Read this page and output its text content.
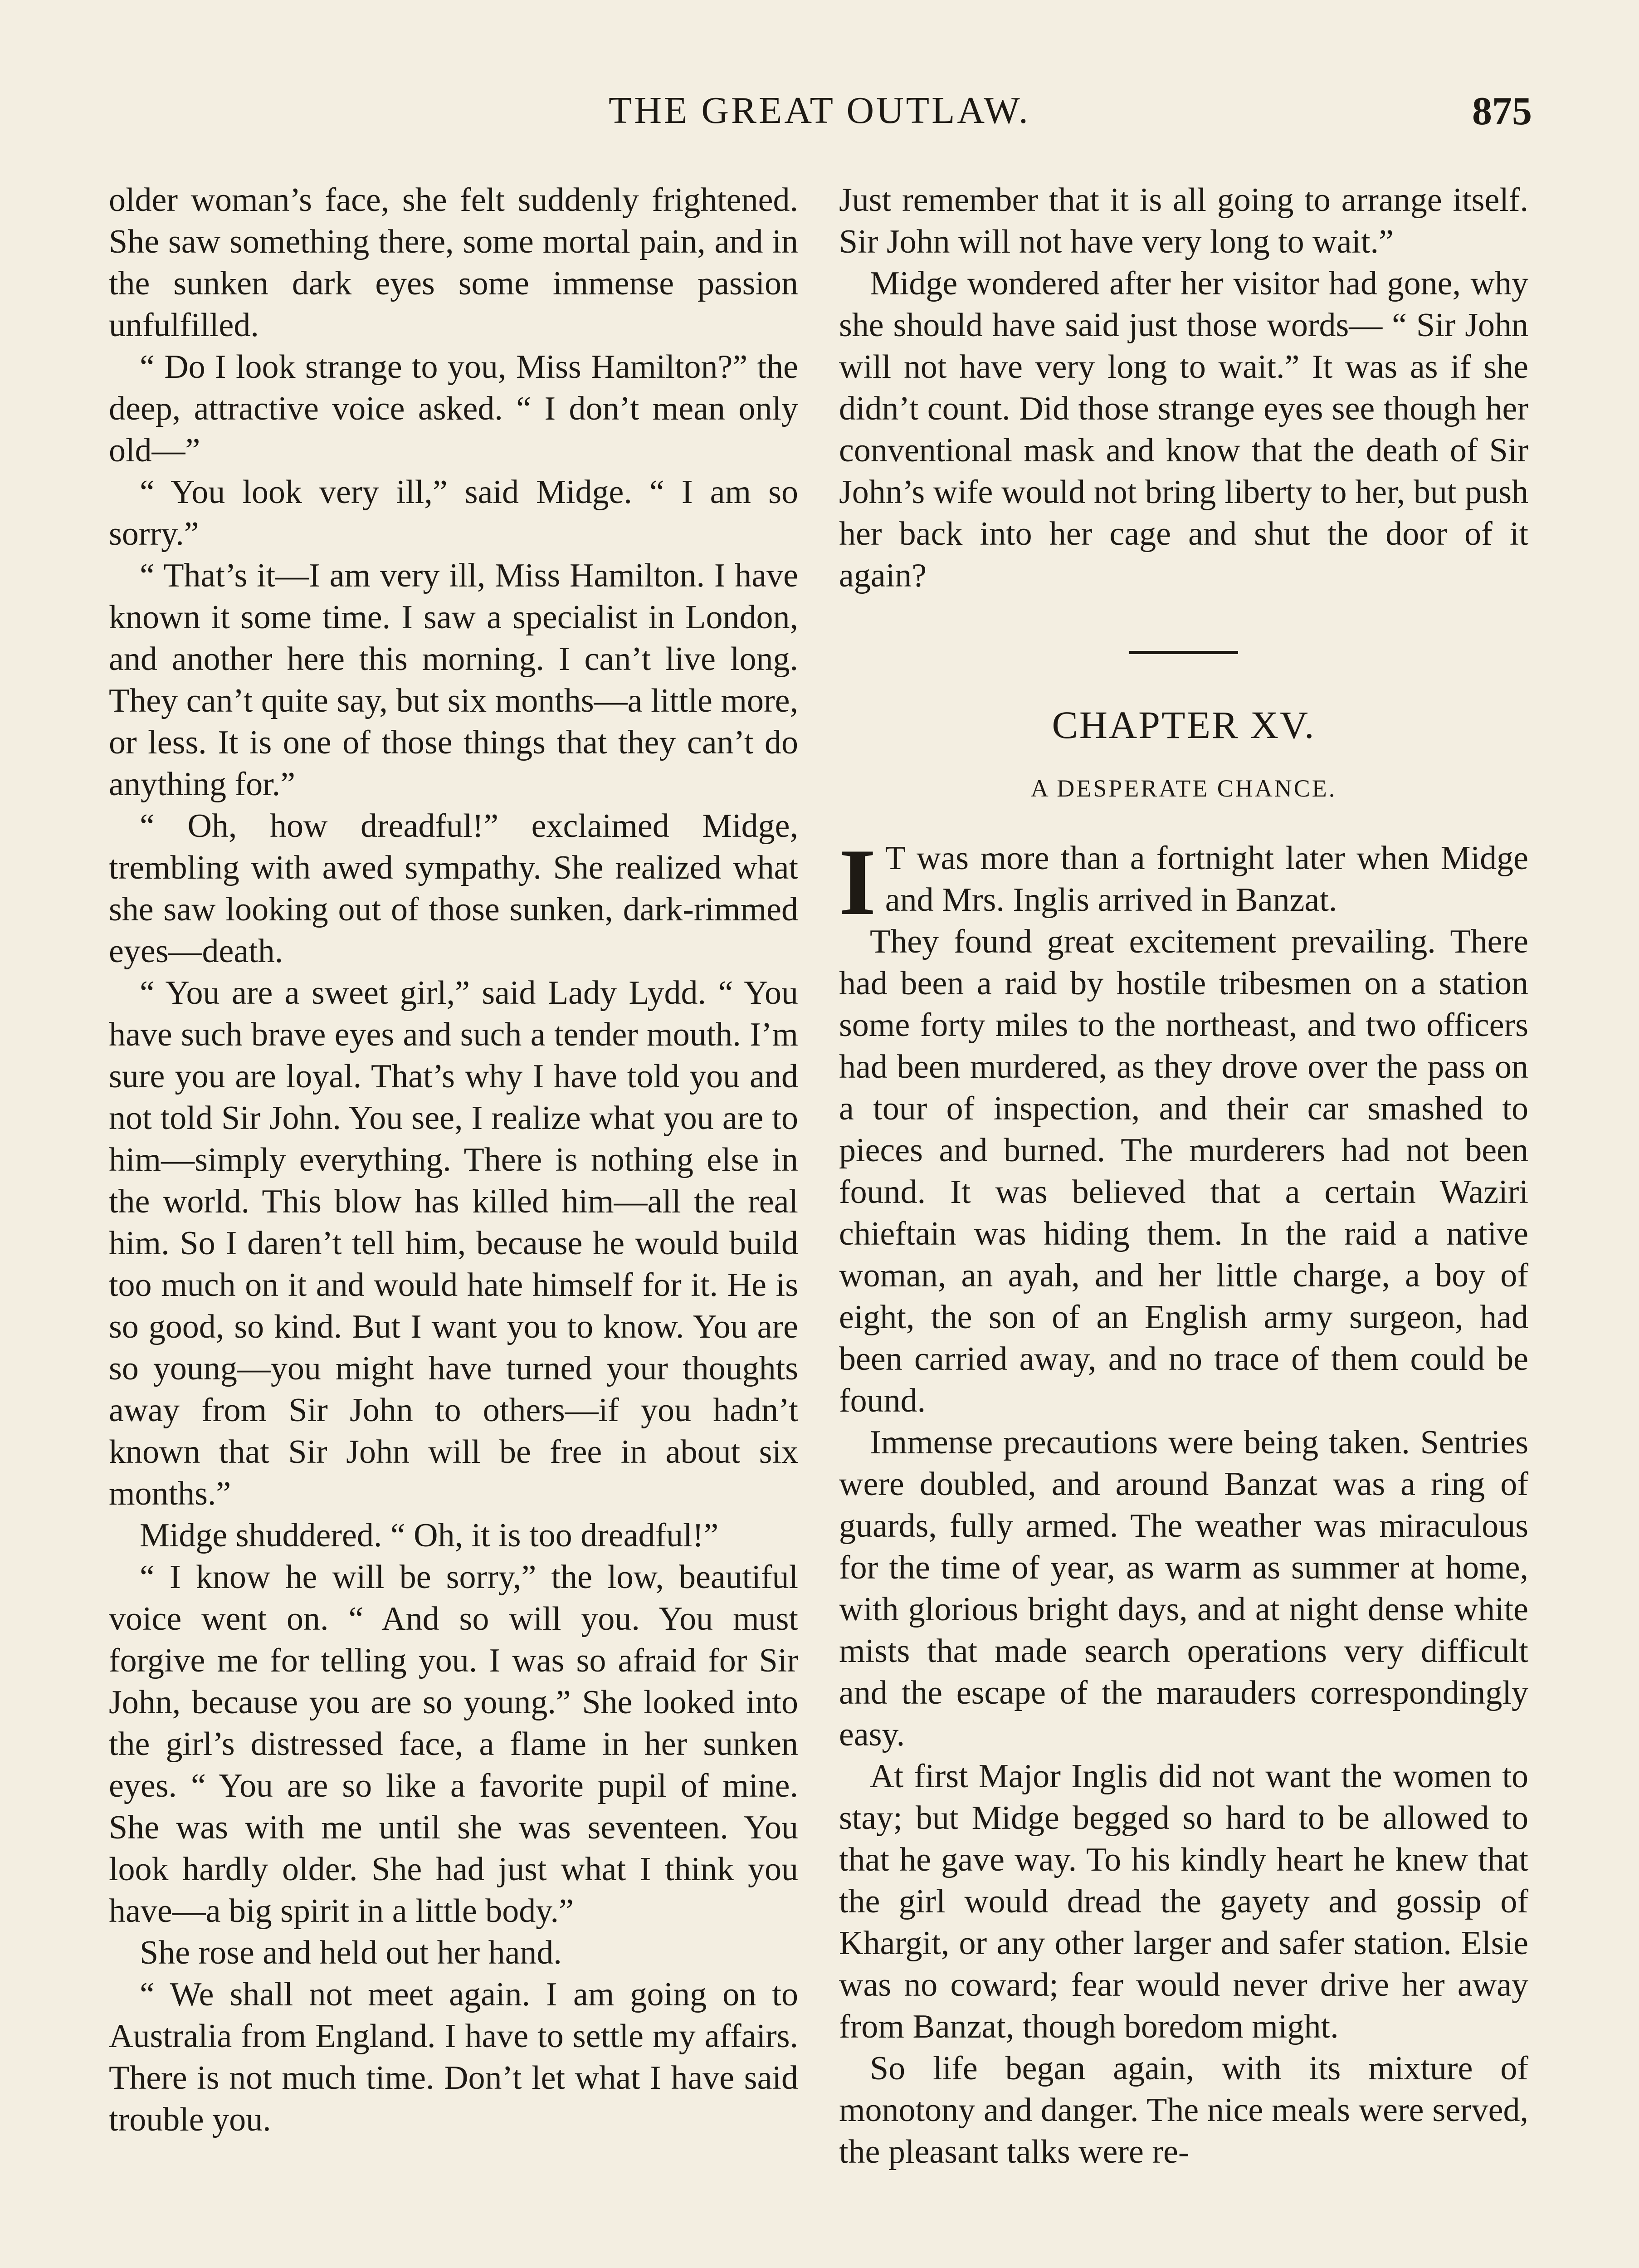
THE GREAT OUTLAW.	875

older woman’s face, she felt suddenly frightened. She saw something there, some mortal pain, and in the sunken dark eyes some immense passion unfulfilled.

“ Do I look strange to you, Miss Hamilton?” the deep, attractive voice asked. “ I don’t mean only old—”

“ You look very ill,” said Midge. “ I am so sorry.”

“ That’s it—I am very ill, Miss Hamilton. I have known it some time. I saw a specialist in London, and another here this morning. I can’t live long. They can’t quite say, but six months—a little more, or less. It is one of those things that they can’t do anything for.”

“ Oh, how dreadful!” exclaimed Midge, trembling with awed sympathy. She realized what she saw looking out of those sunken, dark-rimmed eyes—death.

“ You are a sweet girl,” said Lady Lydd. “ You have such brave eyes and such a tender mouth. I’m sure you are loyal. That’s why I have told you and not told Sir John. You see, I realize what you are to him—simply everything. There is nothing else in the world. This blow has killed him—all the real him. So I daren’t tell him, because he would build too much on it and would hate himself for it. He is so good, so kind. But I want you to know. You are so young—you might have turned your thoughts away from Sir John to others—if you hadn’t known that Sir John will be free in about six months.”

Midge shuddered. “ Oh, it is too dreadful!”

“ I know he will be sorry,” the low, beautiful voice went on. “ And so will you. You must forgive me for telling you. I was so afraid for Sir John, because you are so young.” She looked into the girl’s distressed face, a flame in her sunken eyes. “ You are so like a favorite pupil of mine. She was with me until she was seventeen. You look hardly older. She had just what I think you have—a big spirit in a little body.”

She rose and held out her hand.

“ We shall not meet again. I am going on to Australia from England. I have to settle my affairs. There is not much time. Don’t let what I have said trouble you.

Just remember that it is all going to arrange itself. Sir John will not have very long to wait.”

Midge wondered after her visitor had gone, why she should have said just those words— “ Sir John will not have very long to wait.” It was as if she didn’t count. Did those strange eyes see though her conventional mask and know that the death of Sir John’s wife would not bring liberty to her, but push her back into her cage and shut the door of it again?

CHAPTER XV.
A DESPERATE CHANCE.

I T was more than a fortnight later when Midge and Mrs. Inglis arrived in Banzat.

They found great excitement prevailing. There had been a raid by hostile tribesmen on a station some forty miles to the northeast, and two officers had been murdered, as they drove over the pass on a tour of inspection, and their car smashed to pieces and burned. The murderers had not been found. It was believed that a certain Waziri chieftain was hiding them. In the raid a native woman, an ayah, and her little charge, a boy of eight, the son of an English army surgeon, had been carried away, and no trace of them could be found.

Immense precautions were being taken. Sentries were doubled, and around Banzat was a ring of guards, fully armed. The weather was miraculous for the time of year, as warm as summer at home, with glorious bright days, and at night dense white mists that made search operations very difficult and the escape of the marauders correspondingly easy.

At first Major Inglis did not want the women to stay; but Midge begged so hard to be allowed to that he gave way. To his kindly heart he knew that the girl would dread the gayety and gossip of Khargit, or any other larger and safer station. Elsie was no coward; fear would never drive her away from Banzat, though boredom might.

So life began again, with its mixture of monotony and danger. The nice meals were served, the pleasant talks were re-
